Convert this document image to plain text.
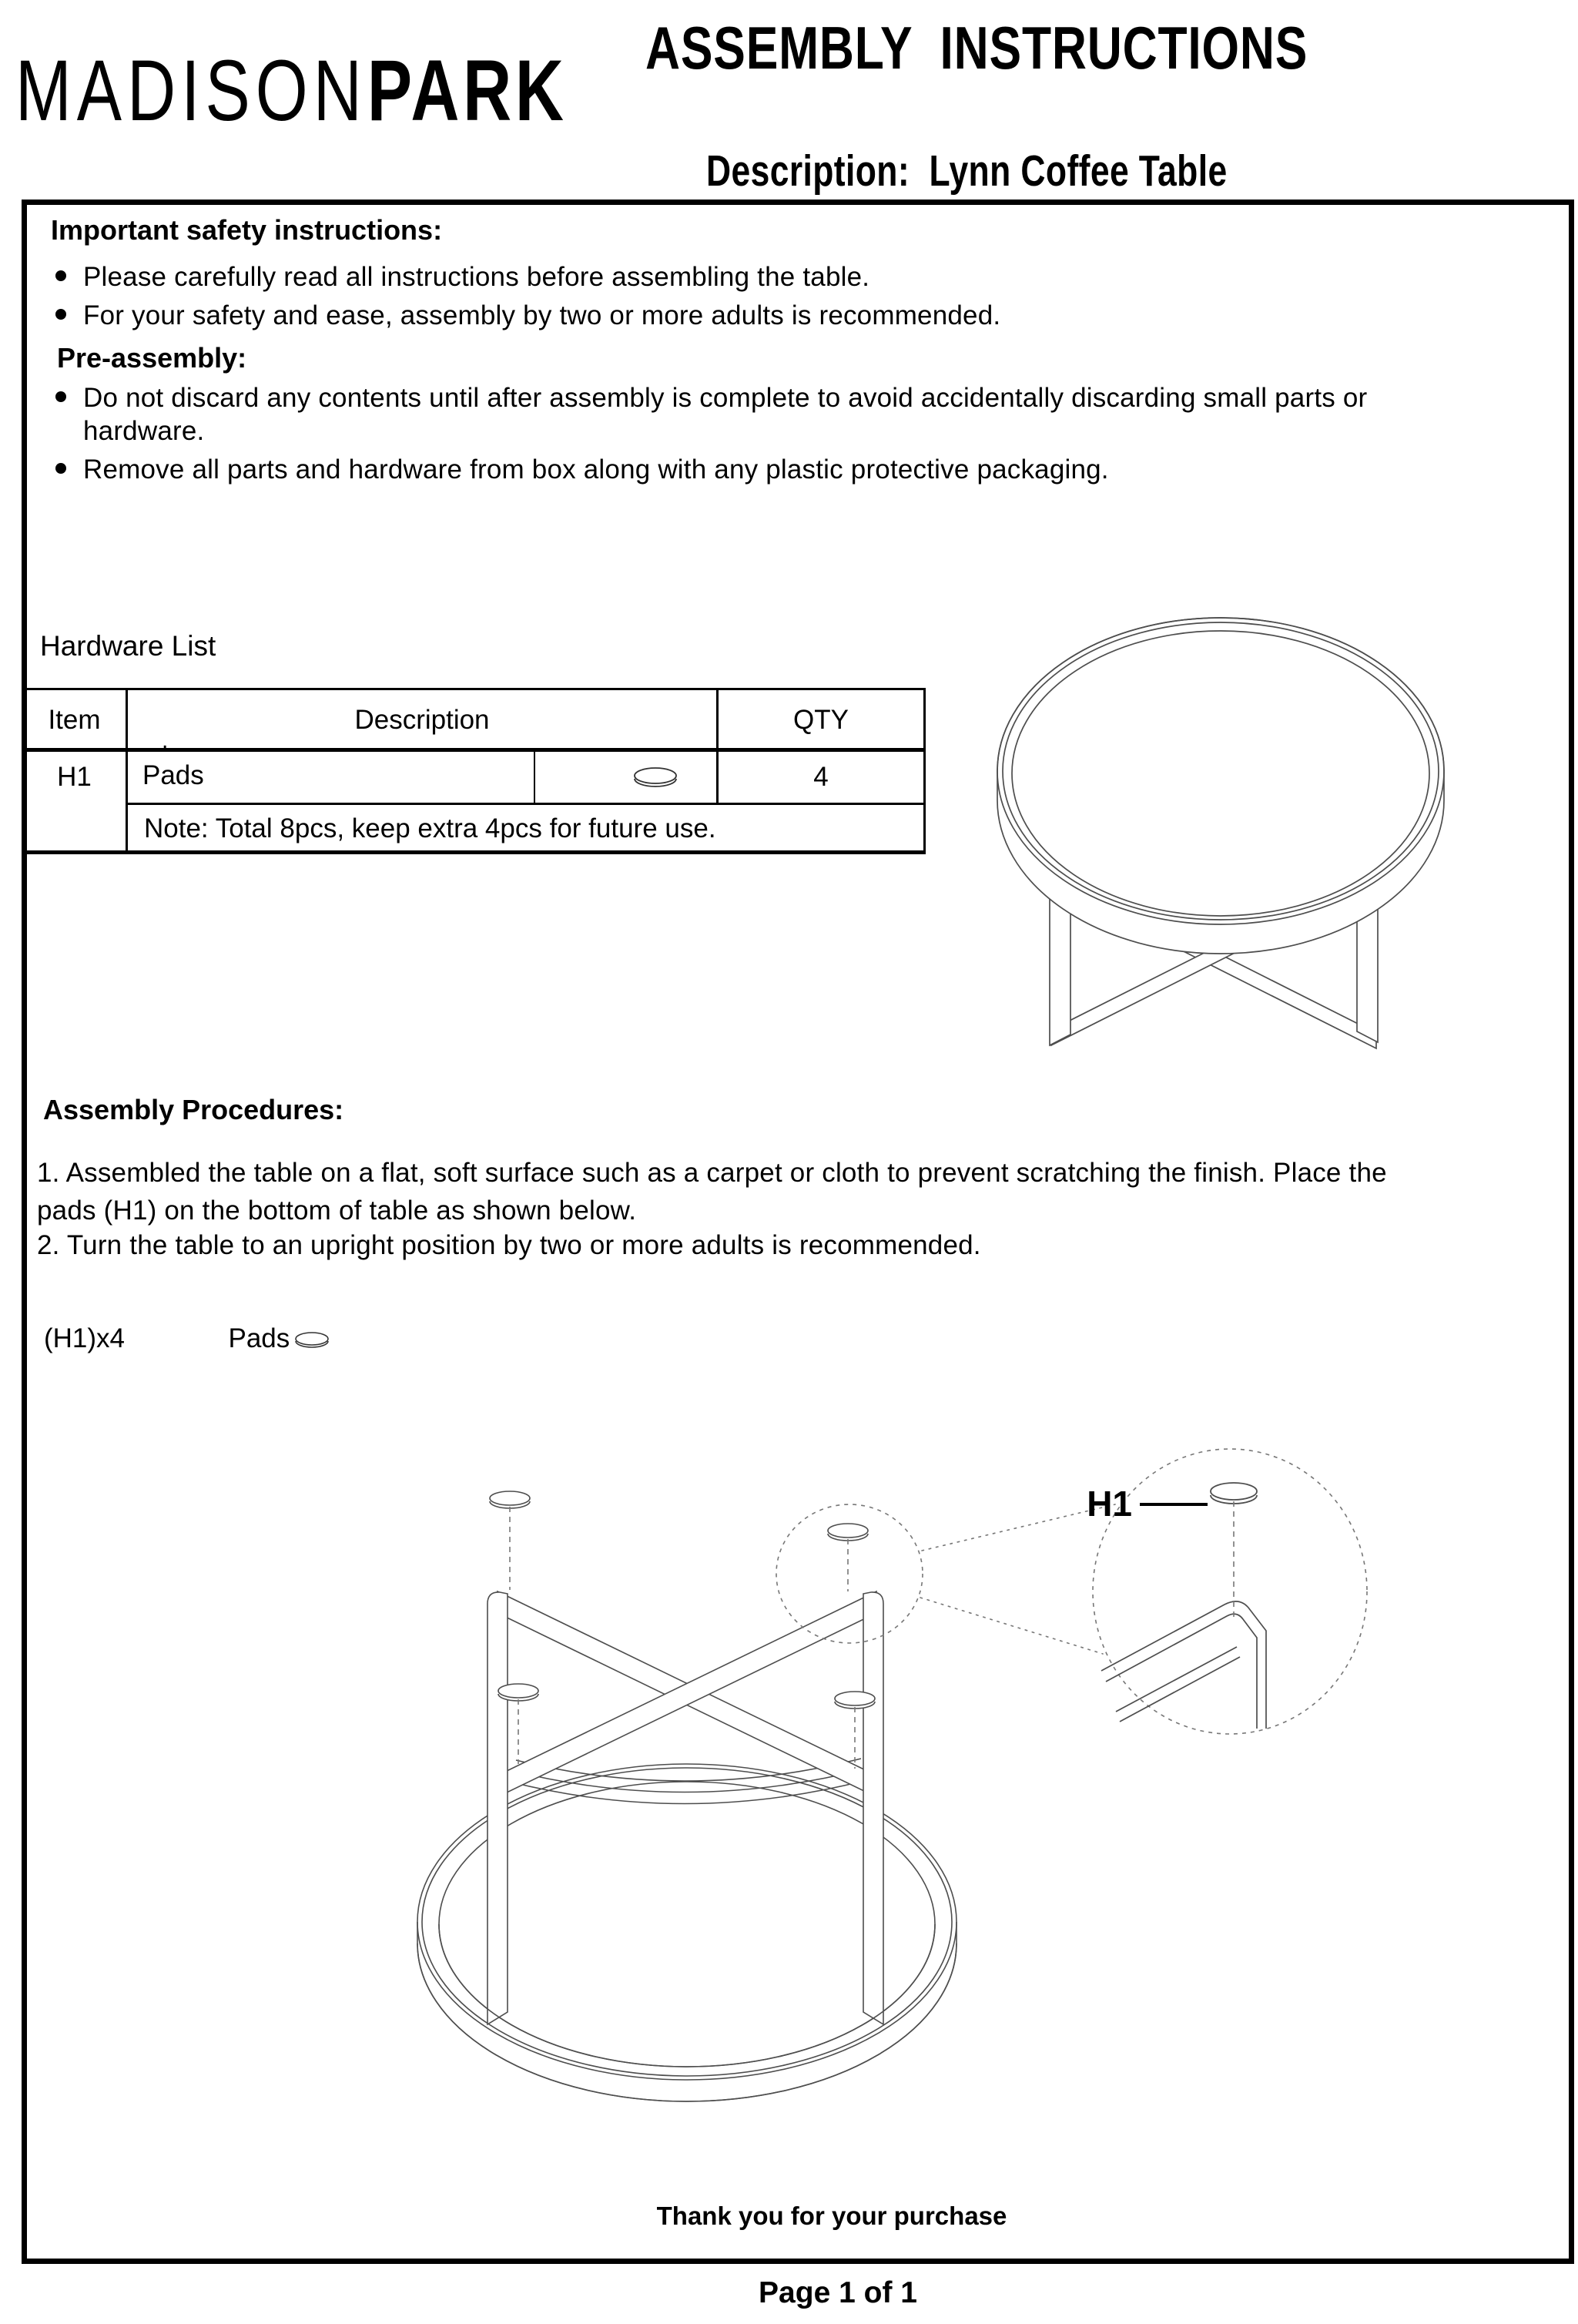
MADISONPARK ASSEMBLY  INSTRUCTIONS

Description: Lynn Coffee Table

Important safety instructions:
Please carefully read all instructions before assembling the table.
For your safety and ease, assembly by two or more adults is recommended.
Pre-assembly:
Do not discard any contents until after assembly is complete to avoid accidentally discarding small parts or
hardware.
Remove all parts and hardware from box along with any plastic protective packaging.
Hardware List
Item	Description	QTY
.
H1	Pads	4
Note: Total 8pcs, keep extra 4pcs for future use.
Assembly Procedures:
1. Assembled the table on a flat, soft surface such as a carpet or cloth to prevent scratching the finish. Place the
pads (H1) on the bottom of table as shown below.
2. Turn the table to an upright position by two or more adults is recommended.
(H1)x4	Pads
H1
Thank you for your purchase
Page 1 of 1
